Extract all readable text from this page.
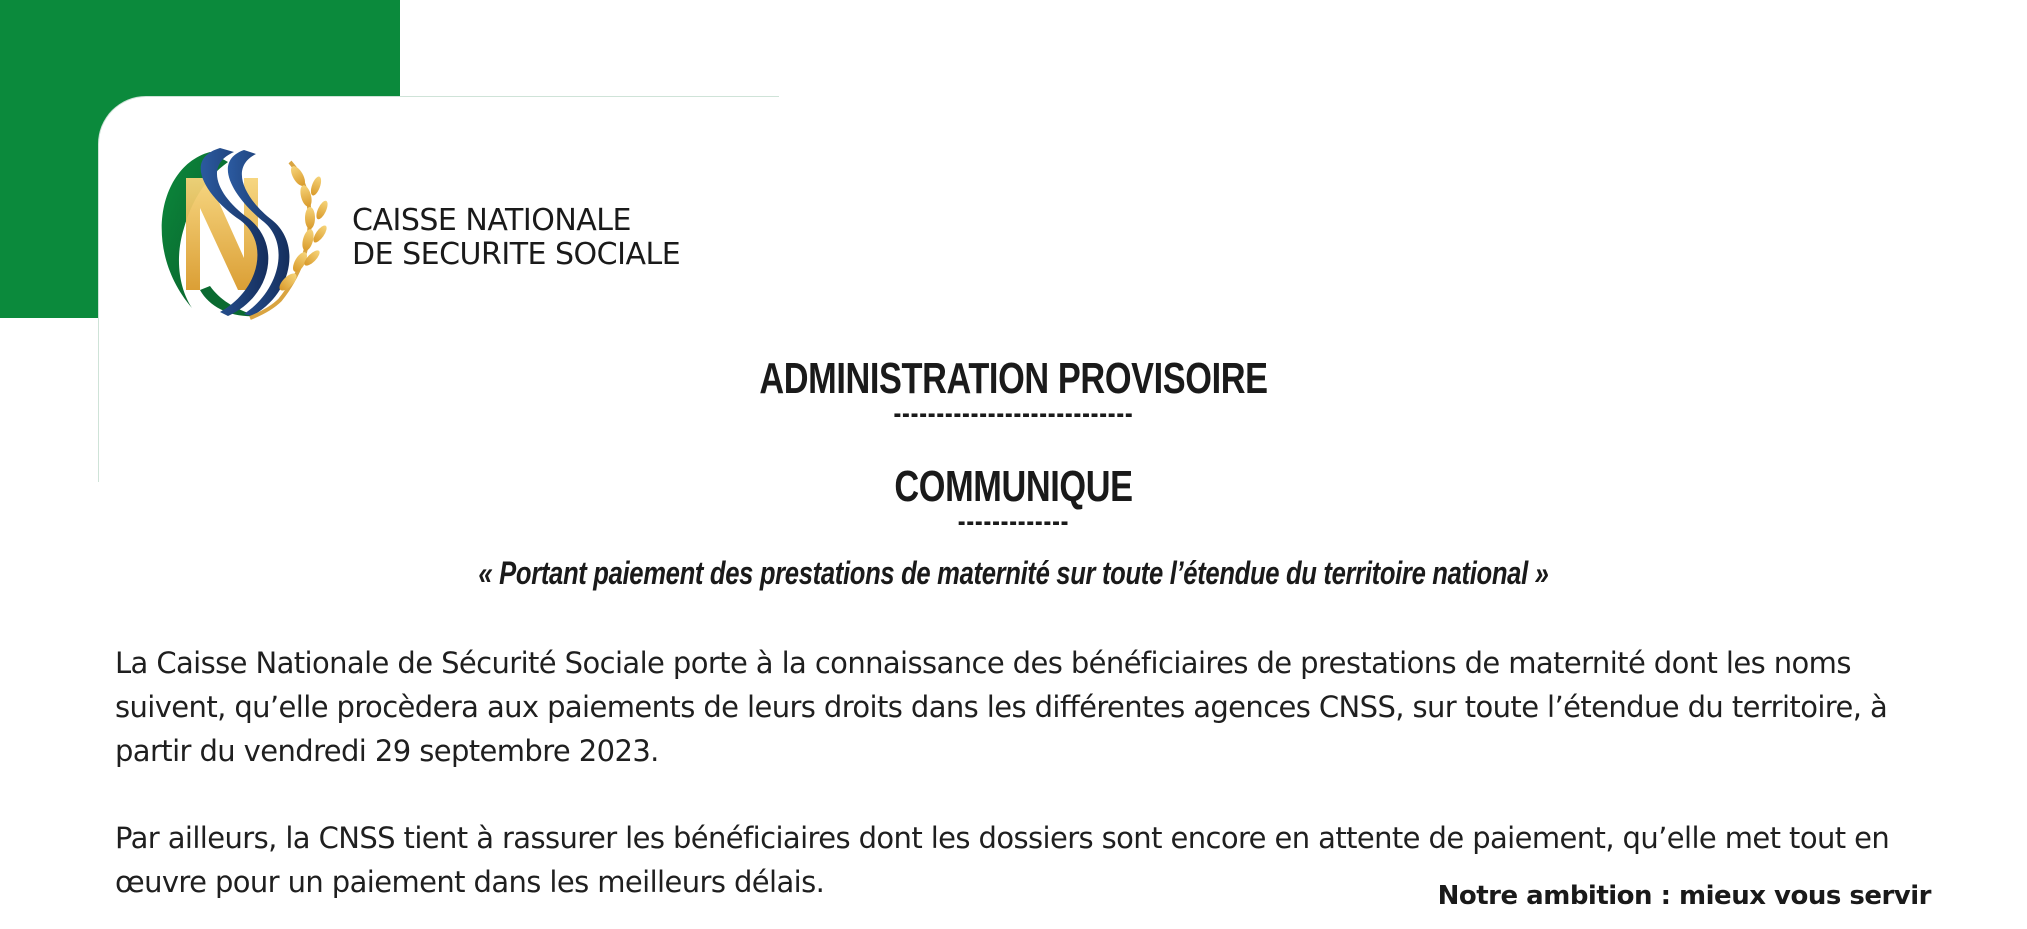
CAISSE NATIONALE
DE SECURITE SOCIALE
ADMINISTRATION PROVISOIRE
----------------------------
COMMUNIQUE
-------------

« Portant paiement des prestations de maternité sur toute l’étendue du territoire national »

La Caisse Nationale de Sécurité Sociale porte à la connaissance des bénéficiaires de prestations de maternité dont les noms suivent, qu’elle procèdera aux paiements de leurs droits dans les différentes agences CNSS, sur toute l’étendue du territoire, à partir du vendredi 29 septembre 2023.

Par ailleurs, la CNSS tient à rassurer les bénéficiaires dont les dossiers sont encore en attente de paiement, qu’elle met tout en œuvre pour un paiement dans les meilleurs délais.	Notre ambition : mieux vous servir
